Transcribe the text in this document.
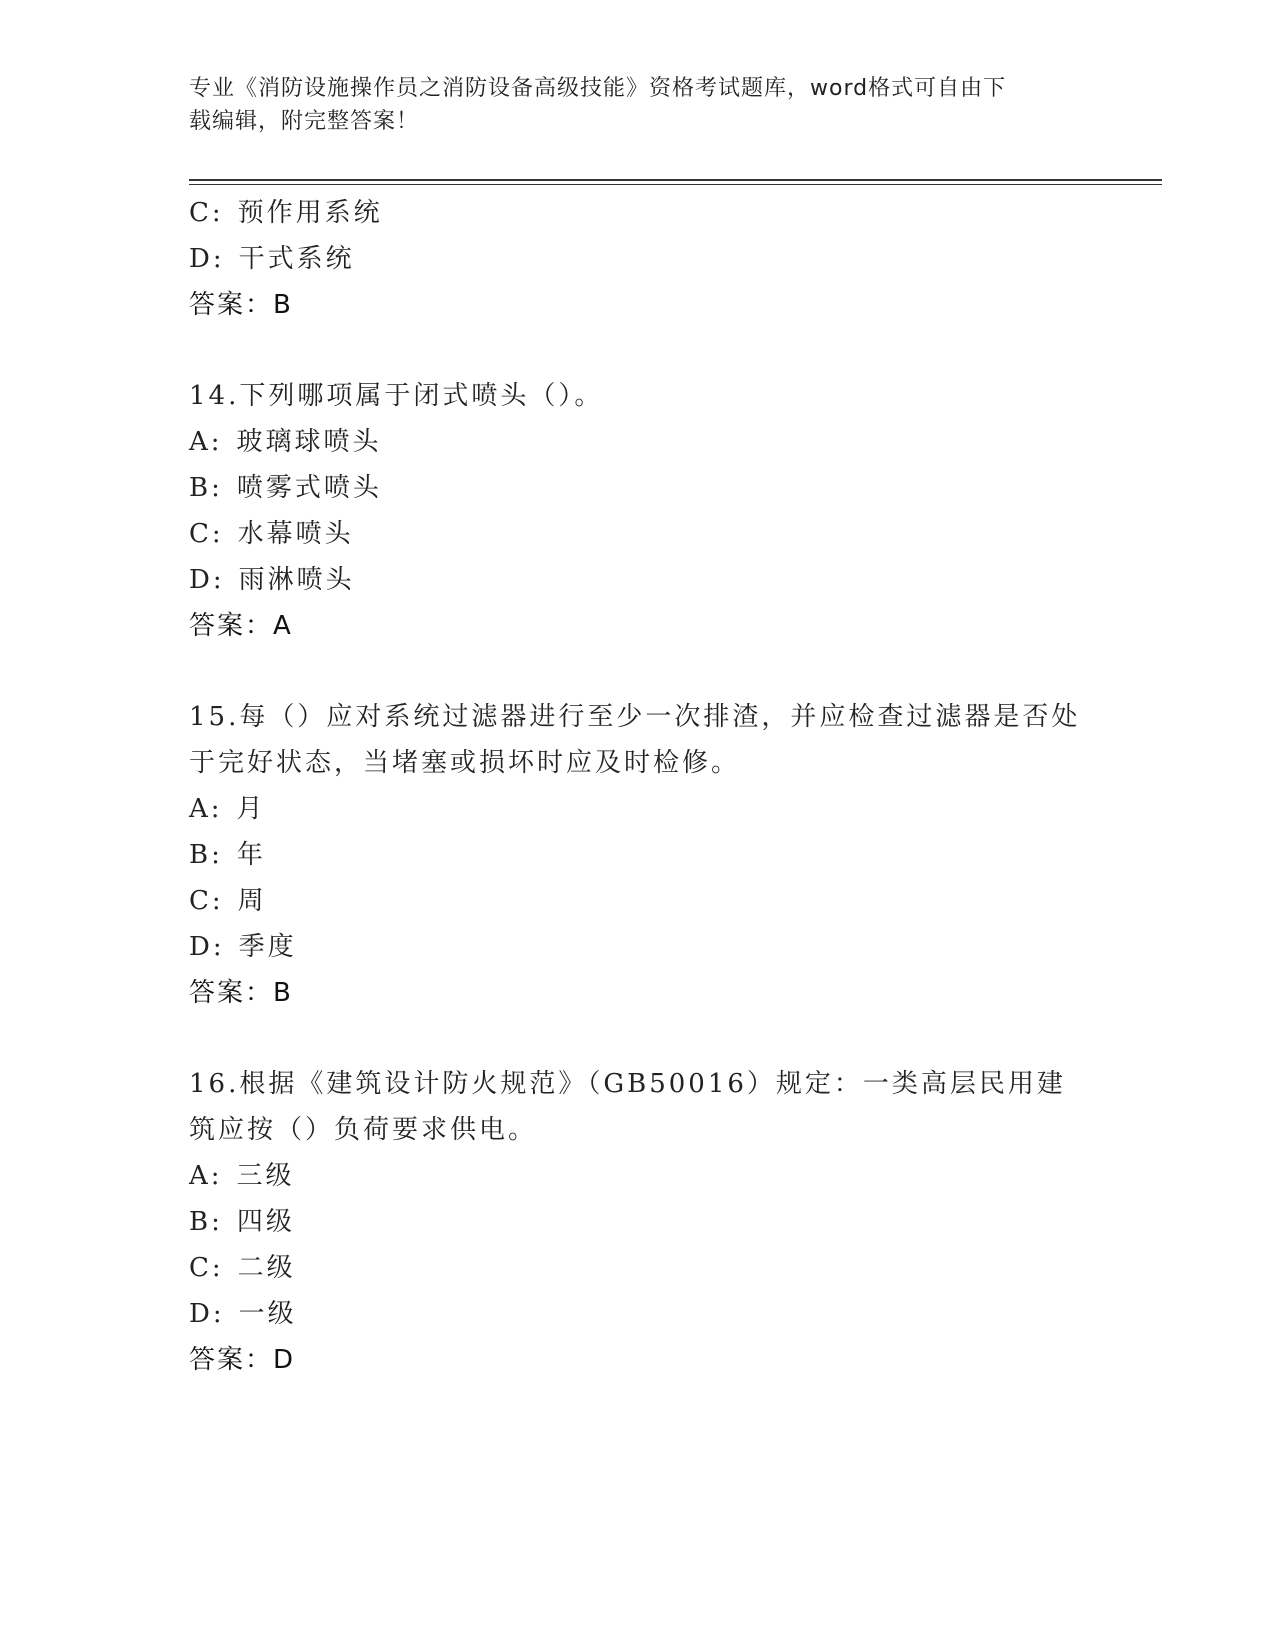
专业《消防设施操作员之消防设备高级技能》资格考试题库，word格式可自由下
载编辑，附完整答案！
C: 预作用系统
D: 干式系统
答案：B
14.下列哪项属于闭式喷头（）。
A: 玻璃球喷头
B: 喷雾式喷头
C: 水幕喷头
D: 雨淋喷头
答案：A
15.每（）应对系统过滤器进行至少一次排渣，并应检查过滤器是否处于完好状态，当堵塞或损坏时应及时检修。
A: 月
B: 年
C: 周
D: 季度
答案：B
16.根据《建筑设计防火规范》（GB50016）规定：一类高层民用建筑应按（）负荷要求供电。
A: 三级
B: 四级
C: 二级
D: 一级
答案：D
